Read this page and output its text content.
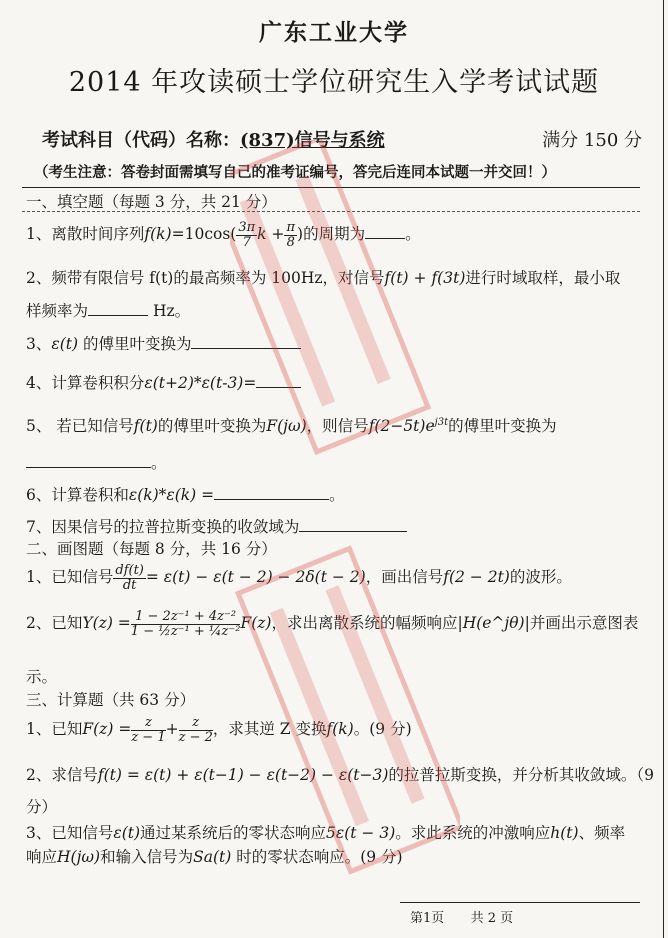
广东工业大学
2014 年攻读硕士学位研究生入学考试试题
考试科目（代码）名称：(837)信号与系统	满分 150 分
（考生注意：答卷封面需填写自己的准考证编号，答完后连同本试题一并交回！）
一、填空题（每题 3 分，共 21 分）
1、离散时间序列$f(k)=10\cos( \frac{3\pi}{7}$ $k + \frac{\pi}{8}$ )的周期为	。
2、频带有限信号 f(t)的最高频率为 100Hz，对信号f(t) + f(3t)进行时域取样，最小取
样频率为	Hz。
3、ε(t) 的傅里叶变换为
4、计算卷积积分ε(t+2)*ε(t-3)=
5、 若已知信号f(t)的傅里叶变换为F(jω)，则信号$f(2-5t)e^{j3t}$的傅里叶变换为
。
6、计算卷积和ε(k)*ε(k) =	。
7、因果信号的拉普拉斯变换的收敛域为
二、画图题（每题 8 分，共 16 分）
1、已知信号 $\frac{df(t)}{dt} = \varepsilon(t) - \varepsilon(t - 2) - 2\delta(t - 2)$，画出信号f(2 − 2t)的波形。
2、已知$Y(z) = \frac{\text{1 − 2z⁻¹ + 4z⁻²}}{\text{1 − ½z⁻¹ + ¼z⁻²}} F(z)$，求出离散系统的幅频响应|H(e^jθ)|并画出示意图表
示。
三、计算题（共 63 分）
1、已知$F(z) = \frac{z}{z - 1} + \frac{z}{z - 2}$ ，求其逆 Z 变换f(k)。(9 分)
2、求信号f(t) = ε(t) + ε(t−1) − ε(t−2) − ε(t−3)的拉普拉斯变换，并分析其收敛域。（9
分）
3、已知信号ε(t)通过某系统后的零状态响应5ε(t − 3)。求此系统的冲激响应h(t)、频率
响应H(jω)和输入信号为Sa(t) 时的零状态响应。(9 分)
第1页 共 2 页
